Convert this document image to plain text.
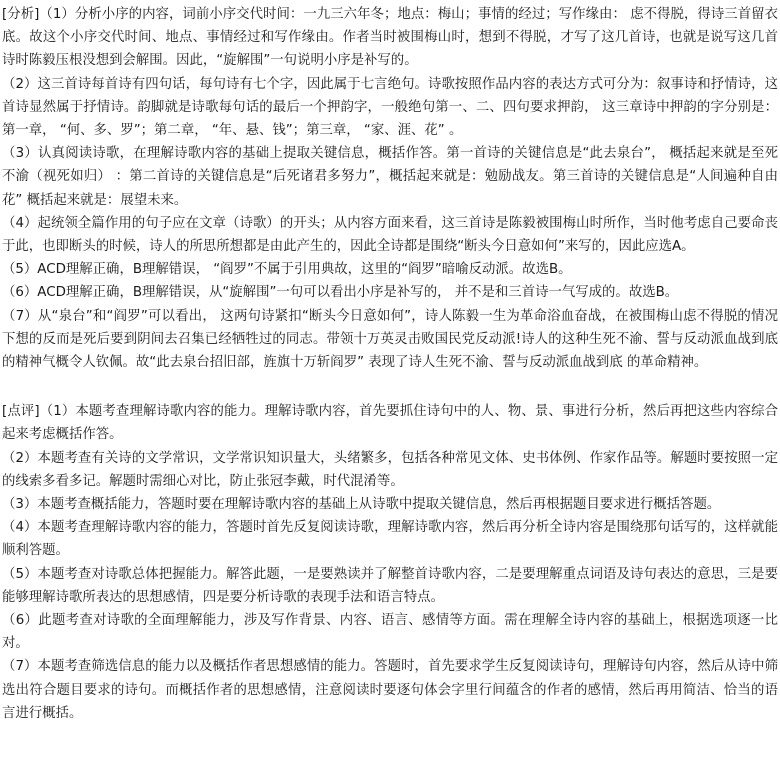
[分析]（1）分析小序的内容，词前小序交代时间：一九三六年冬；地点：梅山；事情的经过；写作缘由： 虑不得脱，得诗三首留衣底。故这个小序交代时间、地点、事情经过和写作缘由。作者当时被围梅山时，想到不得脱，才写了这几首诗，也就是说写这几首诗时陈毅压根没想到会解围。因此，“旋解围”一句说明小序是补写的。

（2）这三首诗每首诗有四句话，每句诗有七个字，因此属于七言绝句。诗歌按照作品内容的表达方式可分为：叙事诗和抒情诗，这首诗显然属于抒情诗。韵脚就是诗歌每句话的最后一个押韵字，一般绝句第一、二、四句要求押韵， 这三章诗中押韵的字分别是：第一章， “何、多、罗”；第二章， “年、悬、钱”；第三章， “家、涯、花” 。

（3）认真阅读诗歌，在理解诗歌内容的基础上提取关键信息，概括作答。第一首诗的关键信息是“此去泉台”， 概括起来就是至死不渝（视死如归） ：第二首诗的关键信息是“后死诸君多努力”，概括起来就是：勉励战友。第三首诗的关键信息是“人间遍种自由花” 概括起来就是：展望未来。

（4）起统领全篇作用的句子应在文章（诗歌）的开头；从内容方面来看，这三首诗是陈毅被围梅山时所作，当时他考虑自己要命丧于此，也即断头的时候，诗人的所思所想都是由此产生的，因此全诗都是围绕“断头今日意如何”来写的，因此应选A。

（5）ACD理解正确，B理解错误， “阎罗”不属于引用典故，这里的“阎罗”暗喻反动派。故选B。

（6）ACD理解正确，B理解错误，从“旋解围”一句可以看出小序是补写的， 并不是和三首诗一气写成的。故选B。

（7）从“泉台”和“阎罗”可以看出， 这两句诗紧扣“断头今日意如何”，诗人陈毅一生为革命浴血奋战，在被围梅山虑不得脱的情况下想的反而是死后要到阴间去召集已经牺牲过的同志。带领十万英灵击败国民党反动派!诗人的这种生死不渝、誓与反动派血战到底的精神气概令人钦佩。故“此去泉台招旧部，旌旗十万斩阎罗” 表现了诗人生死不渝、誓与反动派血战到底 的革命精神。

[点评]（1）本题考查理解诗歌内容的能力。理解诗歌内容，首先要抓住诗句中的人、物、景、事进行分析，然后再把这些内容综合起来考虑概括作答。

（2）本题考查有关诗的文学常识，文学常识知识量大，头绪繁多，包括各种常见文体、史书体例、作家作品等。解题时要按照一定的线索多看多记。解题时需细心对比，防止张冠李戴，时代混淆等。

（3）本题考查概括能力，答题时要在理解诗歌内容的基础上从诗歌中提取关键信息，然后再根据题目要求进行概括答题。

（4）本题考查理解诗歌内容的能力，答题时首先反复阅读诗歌，理解诗歌内容，然后再分析全诗内容是围绕那句话写的，这样就能顺利答题。

（5）本题考查对诗歌总体把握能力。解答此题，一是要熟读并了解整首诗歌内容，二是要理解重点词语及诗句表达的意思，三是要能够理解诗歌所表达的思想感情，四是要分析诗歌的表现手法和语言特点。

（6）此题考查对诗歌的全面理解能力，涉及写作背景、内容、语言、感情等方面。需在理解全诗内容的基础上，根据选项逐一比对。

（7）本题考查筛选信息的能力以及概括作者思想感情的能力。答题时，首先要求学生反复阅读诗句，理解诗句内容，然后从诗中筛选出符合题目要求的诗句。而概括作者的思想感情，注意阅读时要逐句体会字里行间蕴含的作者的感情，然后再用简洁、恰当的语言进行概括。
